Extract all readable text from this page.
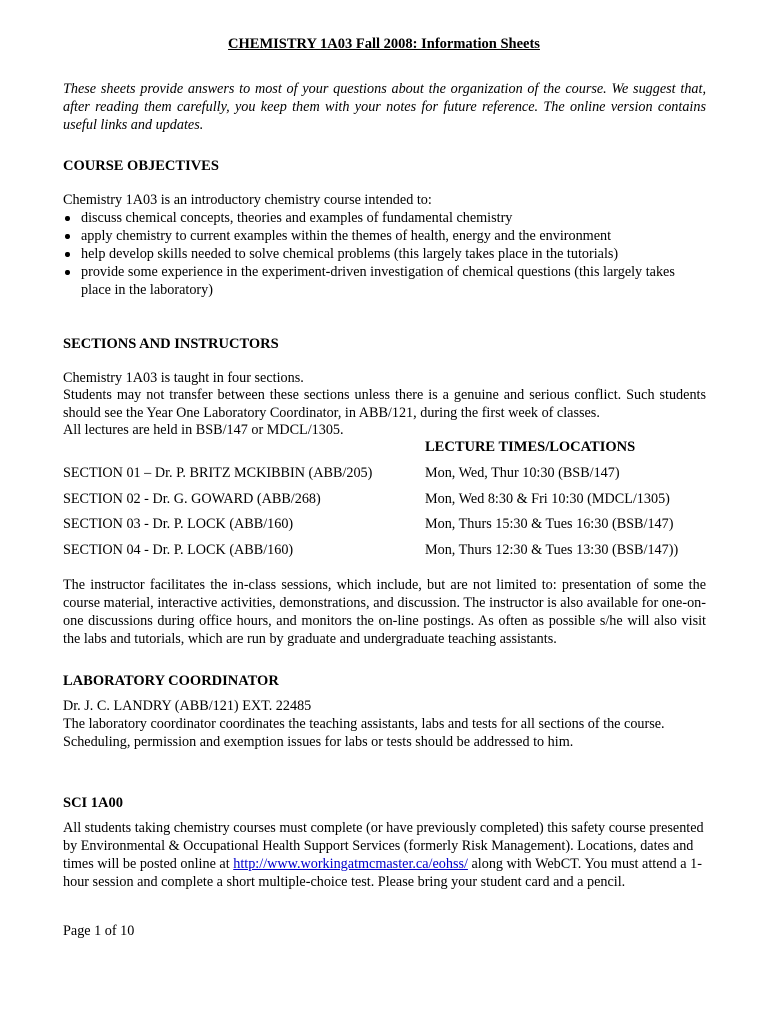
CHEMISTRY 1A03 Fall 2008: Information Sheets

These sheets provide answers to most of your questions about the organization of the course. We suggest that, after reading them carefully, you keep them with your notes for future reference. The online version contains useful links and updates.

COURSE OBJECTIVES

Chemistry 1A03 is an introductory chemistry course intended to:

discuss chemical concepts, theories and examples of fundamental chemistry
apply chemistry to current examples within the themes of health, energy and the environment
help develop skills needed to solve chemical problems (this largely takes place in the tutorials)
provide some experience in the experiment-driven investigation of chemical questions (this largely takes place in the laboratory)
SECTIONS AND INSTRUCTORS

Chemistry 1A03 is taught in four sections.

Students may not transfer between these sections unless there is a genuine and serious conflict. Such students should see the Year One Laboratory Coordinator, in ABB/121, during the first week of classes.

All lectures are held in BSB/147 or MDCL/1305.

LECTURE TIMES/LOCATIONS
SECTION 01 – Dr. P. BRITZ MCKIBBIN (ABB/205)	Mon, Wed, Thur 10:30 (BSB/147)
SECTION 02 - Dr. G. GOWARD (ABB/268)	Mon, Wed 8:30 & Fri 10:30 (MDCL/1305)
SECTION 03 - Dr. P. LOCK (ABB/160)	Mon, Thurs 15:30 & Tues 16:30 (BSB/147)
SECTION 04 - Dr. P. LOCK (ABB/160)	Mon, Thurs 12:30 & Tues 13:30 (BSB/147))

The instructor facilitates the in-class sessions, which include, but are not limited to: presentation of some the course material, interactive activities, demonstrations, and discussion. The instructor is also available for one-on-one discussions during office hours, and monitors the on-line postings. As often as possible s/he will also visit the labs and tutorials, which are run by graduate and undergraduate teaching assistants.

LABORATORY COORDINATOR

Dr. J. C. LANDRY (ABB/121) EXT. 22485

The laboratory coordinator coordinates the teaching assistants, labs and tests for all sections of the course. Scheduling, permission and exemption issues for labs or tests should be addressed to him.

SCI 1A00

All students taking chemistry courses must complete (or have previously completed) this safety course presented by Environmental & Occupational Health Support Services (formerly Risk Management). Locations, dates and times will be posted online at http://www.workingatmcmaster.ca/eohss/ along with WebCT. You must attend a 1-hour session and complete a short multiple-choice test. Please bring your student card and a pencil.

Page 1 of 10
